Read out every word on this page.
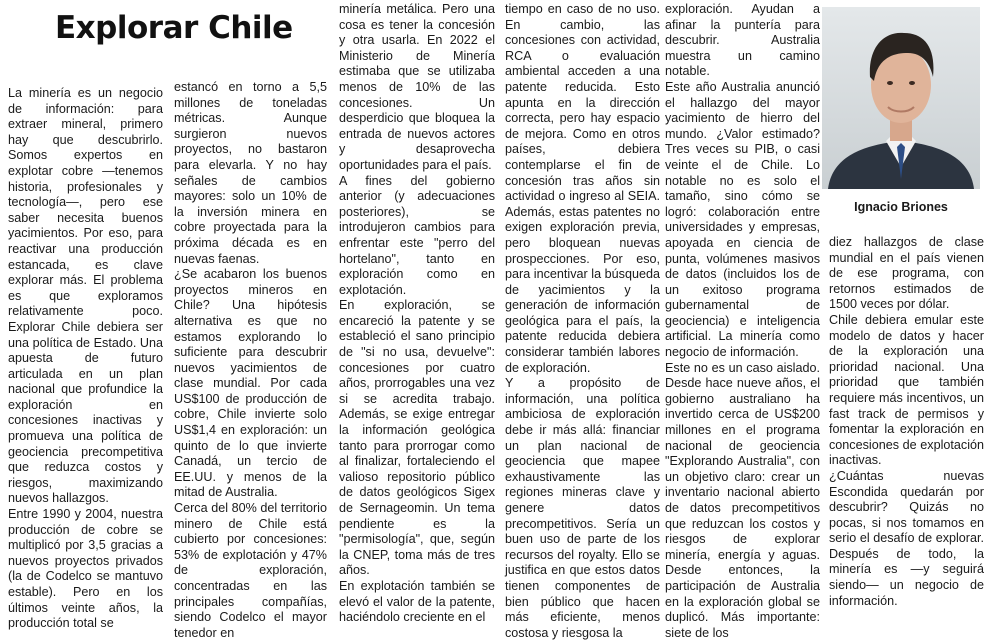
Explorar Chile

La minería es un negocio de información: para extraer mineral, primero hay que descubrirlo. Somos expertos en explotar cobre —tenemos historia, profesionales y tecnología—, pero ese saber necesita buenos yacimientos. Por eso, para reactivar una producción estancada, es clave explorar más. El problema es que exploramos relativamente poco. Explorar Chile debiera ser una política de Estado. Una apuesta de futuro articulada en un plan nacional que profundice la exploración en concesiones inactivas y promueva una política de geociencia precompetitiva que reduzca costos y riesgos, maximizando nuevos hallazgos.

Entre 1990 y 2004, nuestra producción de cobre se multiplicó por 3,5 gracias a nuevos proyectos privados (la de Codelco se mantuvo estable). Pero en los últimos veinte años, la producción total se

estancó en torno a 5,5 millones de toneladas métricas. Aunque surgieron nuevos proyectos, no bastaron para elevarla. Y no hay señales de cambios mayores: solo un 10% de la inversión minera en cobre proyectada para la próxima década es en nuevas faenas.

¿Se acabaron los buenos proyectos mineros en Chile? Una hipótesis alternativa es que no estamos explorando lo suficiente para descubrir nuevos yacimientos de clase mundial. Por cada US$100 de producción de cobre, Chile invierte solo US$1,4 en exploración: un quinto de lo que invierte Canadá, un tercio de EE.UU. y menos de la mitad de Australia.

Cerca del 80% del territorio minero de Chile está cubierto por concesiones: 53% de explotación y 47% de exploración, concentradas en las principales compañías, siendo Codelco el mayor tenedor en

minería metálica. Pero una cosa es tener la concesión y otra usarla. En 2022 el Ministerio de Minería estimaba que se utilizaba menos de 10% de las concesiones. Un desperdicio que bloquea la entrada de nuevos actores y desaprovecha oportunidades para el país.

A fines del gobierno anterior (y adecuaciones posteriores), se introdujeron cambios para enfrentar este "perro del hortelano", tanto en exploración como en explotación.

En exploración, se encareció la patente y se estableció el sano principio de "si no usa, devuelve": concesiones por cuatro años, prorrogables una vez si se acredita trabajo. Además, se exige entregar la información geológica tanto para prorrogar como al finalizar, fortaleciendo el valioso repositorio público de datos geológicos Sigex de Sernageomin. Un tema pendiente es la "permisología", que, según la CNEP, toma más de tres años.

En explotación también se elevó el valor de la patente, haciéndolo creciente en el

tiempo en caso de no uso. En cambio, las concesiones con actividad, RCA o evaluación ambiental acceden a una patente reducida. Esto apunta en la dirección correcta, pero hay espacio de mejora. Como en otros países, debiera contemplarse el fin de concesión tras años sin actividad o ingreso al SEIA. Además, estas patentes no exigen exploración previa, pero bloquean nuevas prospecciones. Por eso, para incentivar la búsqueda de yacimientos y la generación de información geológica para el país, la patente reducida debiera considerar también labores de exploración.

Y a propósito de información, una política ambiciosa de exploración debe ir más allá: financiar un plan nacional de geociencia que mapee exhaustivamente las regiones mineras clave y genere datos precompetitivos. Sería un buen uso de parte de los recursos del royalty. Ello se justifica en que estos datos tienen componentes de bien público que hacen más eficiente, menos costosa y riesgosa la

exploración. Ayudan a afinar la puntería para descubrir. Australia muestra un camino notable.

Este año Australia anunció el hallazgo del mayor yacimiento de hierro del mundo. ¿Valor estimado? Tres veces su PIB, o casi veinte el de Chile. Lo notable no es solo el tamaño, sino cómo se logró: colaboración entre universidades y empresas, apoyada en ciencia de punta, volúmenes masivos de datos (incluidos los de un exitoso programa gubernamental de geociencia) e inteligencia artificial. La minería como negocio de información.

Este no es un caso aislado. Desde hace nueve años, el gobierno australiano ha invertido cerca de US$200 millones en el programa nacional de geociencia "Explorando Australia", con un objetivo claro: crear un inventario nacional abierto de datos precompetitivos que reduzcan los costos y riesgos de explorar minería, energía y aguas. Desde entonces, la participación de Australia en la exploración global se duplicó. Más importante: siete de los

Ignacio Briones

diez hallazgos de clase mundial en el país vienen de ese programa, con retornos estimados de 1500 veces por dólar.

Chile debiera emular este modelo de datos y hacer de la exploración una prioridad nacional. Una prioridad que también requiere más incentivos, un fast track de permisos y fomentar la exploración en concesiones de explotación inactivas.

¿Cuántas nuevas Escondida quedarán por descubrir? Quizás no pocas, si nos tomamos en serio el desafío de explorar. Después de todo, la minería es —y seguirá siendo— un negocio de información.
